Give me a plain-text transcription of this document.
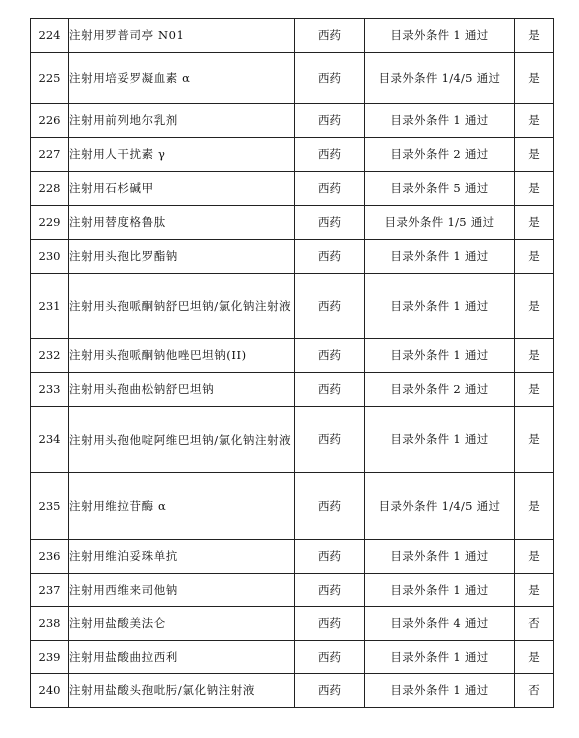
224	注射用罗普司亭 N01	西药	目录外条件 1 通过	是
225	注射用培妥罗凝血素 α	西药	目录外条件 1/4/5 通过	是
226	注射用前列地尔乳剂	西药	目录外条件 1 通过	是
227	注射用人干扰素 γ	西药	目录外条件 2 通过	是
228	注射用石杉碱甲	西药	目录外条件 5 通过	是
229	注射用替度格鲁肽	西药	目录外条件 1/5 通过	是
230	注射用头孢比罗酯钠	西药	目录外条件 1 通过	是
231	注射用头孢哌酮钠舒巴坦钠/氯化钠注射液	西药	目录外条件 1 通过	是
232	注射用头孢哌酮钠他唑巴坦钠(II)	西药	目录外条件 1 通过	是
233	注射用头孢曲松钠舒巴坦钠	西药	目录外条件 2 通过	是
234	注射用头孢他啶阿维巴坦钠/氯化钠注射液	西药	目录外条件 1 通过	是
235	注射用维拉苷酶 α	西药	目录外条件 1/4/5 通过	是
236	注射用维泊妥珠单抗	西药	目录外条件 1 通过	是
237	注射用西维来司他钠	西药	目录外条件 1 通过	是
238	注射用盐酸美法仑	西药	目录外条件 4 通过	否
239	注射用盐酸曲拉西利	西药	目录外条件 1 通过	是
240	注射用盐酸头孢吡肟/氯化钠注射液	西药	目录外条件 1 通过	否
